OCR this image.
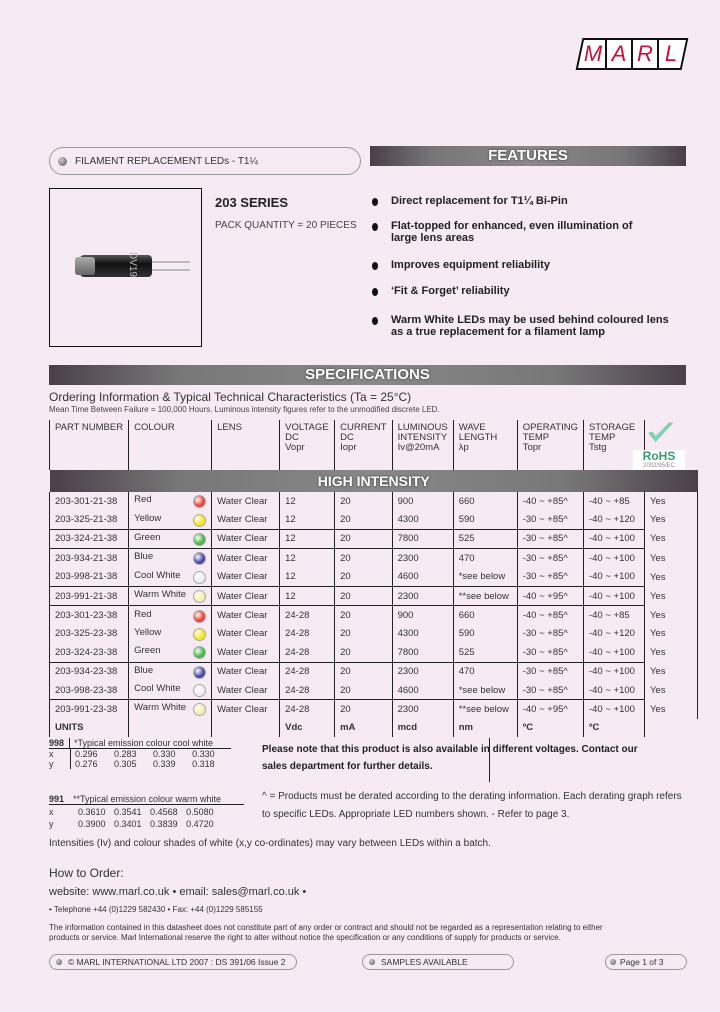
M A R L
FILAMENT REPLACEMENT LEDs - T1¼	FEATURES
DV19
203 SERIES
PACK QUANTITY = 20 PIECES
Direct replacement for T1¼ Bi-Pin
Flat-topped for enhanced, even illumination of large lens areas
Improves equipment reliability
‘Fit & Forget’ reliability
Warm White LEDs may be used behind coloured lens as a true replacement for a filament lamp
SPECIFICATIONS
Ordering Information & Typical Technical Characteristics (Ta = 25°C)
Mean Time Between Failure = 100,000 Hours. Luminous intensity figures refer to the unmodified discrete LED.
PART NUMBER	COLOUR	LENS	VOLTAGE
DC
Vopr	CURRENT
DC
Iopr	LUMINOUS
INTENSITY
Iv@20mA	WAVE
LENGTH
λp	OPERATING
TEMP
Topr	STORAGE
TEMP
Tstg	
HIGH INTENSITY									
203-301-21-38	Red	Water Clear	12	20	900	660	-40 ~ +85^	-40 ~ +85	Yes
203-325-21-38	Yellow	Water Clear	12	20	4300	590	-30 ~ +85^	-40 ~ +120	Yes
203-324-21-38	Green	Water Clear	12	20	7800	525	-30 ~ +85^	-40 ~ +100	Yes
203-934-21-38	Blue	Water Clear	12	20	2300	470	-30 ~ +85^	-40 ~ +100	Yes
203-998-21-38	Cool White	Water Clear	12	20	4600	*see below	-30 ~ +85^	-40 ~ +100	Yes
203-991-21-38	Warm White	Water Clear	12	20	2300	**see below	-40 ~ +95^	-40 ~ +100	Yes
203-301-23-38	Red	Water Clear	24-28	20	900	660	-40 ~ +85^	-40 ~ +85	Yes
203-325-23-38	Yellow	Water Clear	24-28	20	4300	590	-30 ~ +85^	-40 ~ +120	Yes
203-324-23-38	Green	Water Clear	24-28	20	7800	525	-30 ~ +85^	-40 ~ +100	Yes
203-934-23-38	Blue	Water Clear	24-28	20	2300	470	-30 ~ +85^	-40 ~ +100	Yes
203-998-23-38	Cool White	Water Clear	24-28	20	4600	*see below	-30 ~ +85^	-40 ~ +100	Yes
203-991-23-38	Warm White	Water Clear	24-28	20	2300	**see below	-40 ~ +95^	-40 ~ +100	Yes
UNITS			Vdc	mA	mcd	nm	ºC	ºC	
RoHS
2002/95/EC
998	*Typical emission colour cool white
x	0.296 0.283 0.330 0.330
y	0.276 0.305 0.339 0.318
991 **Typical emission colour warm white
x	0.3610 0.3541 0.4568 0.5080
y	0.3900 0.3401 0.3839 0.4720
Please note that this product is also available in different voltages. Contact our sales department for further details.
^ = Products must be derated according to the derating information. Each derating graph refers to specific LEDs. Appropriate LED numbers shown. - Refer to page 3.
Intensities (Iv) and colour shades of white (x,y co-ordinates) may vary between LEDs within a batch.
How to Order:
website: www.marl.co.uk • email: sales@marl.co.uk •
• Telephone +44 (0)1229 582430 • Fax: +44 (0)1229 585155
The information contained in this datasheet does not constitute part of any order or contract and should not be regarded as a representation relating to either products or service. Marl International reserve the right to alter without notice the specification or any conditions of supply for products or service.
© MARL INTERNATIONAL LTD 2007 : DS 391/06 Issue 2	SAMPLES AVAILABLE	Page 1 of 3
